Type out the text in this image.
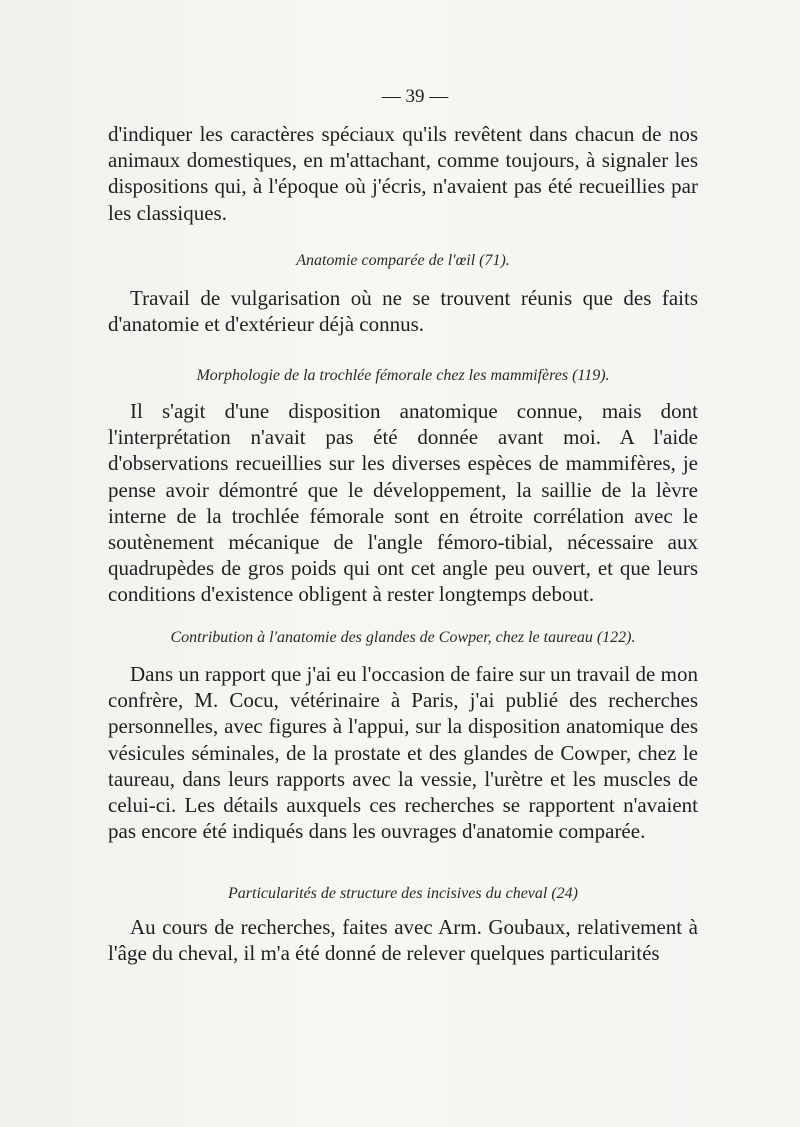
— 39 —

d'indiquer les caractères spéciaux qu'ils revêtent dans chacun de nos animaux domestiques, en m'attachant, comme toujours, à signaler les dispositions qui, à l'époque où j'écris, n'avaient pas été recueillies par les classiques.

Anatomie comparée de l'œil (71).

Travail de vulgarisation où ne se trouvent réunis que des faits d'anatomie et d'extérieur déjà connus.

Morphologie de la trochlée fémorale chez les mammifères (119).

Il s'agit d'une disposition anatomique connue, mais dont l'interprétation n'avait pas été donnée avant moi. A l'aide d'observations recueillies sur les diverses espèces de mammifères, je pense avoir démontré que le développement, la saillie de la lèvre interne de la trochlée fémorale sont en étroite corrélation avec le soutènement mécanique de l'angle fémoro-tibial, nécessaire aux quadrupèdes de gros poids qui ont cet angle peu ouvert, et que leurs conditions d'existence obligent à rester longtemps debout.

Contribution à l'anatomie des glandes de Cowper, chez le taureau (122).

Dans un rapport que j'ai eu l'occasion de faire sur un travail de mon confrère, M. Cocu, vétérinaire à Paris, j'ai publié des recherches personnelles, avec figures à l'appui, sur la disposition anatomique des vésicules séminales, de la prostate et des glandes de Cowper, chez le taureau, dans leurs rapports avec la vessie, l'urètre et les muscles de celui-ci. Les détails auxquels ces recherches se rapportent n'avaient pas encore été indiqués dans les ouvrages d'anatomie comparée.

Particularités de structure des incisives du cheval (24)

Au cours de recherches, faites avec Arm. Goubaux, relativement à l'âge du cheval, il m'a été donné de relever quelques particularités
